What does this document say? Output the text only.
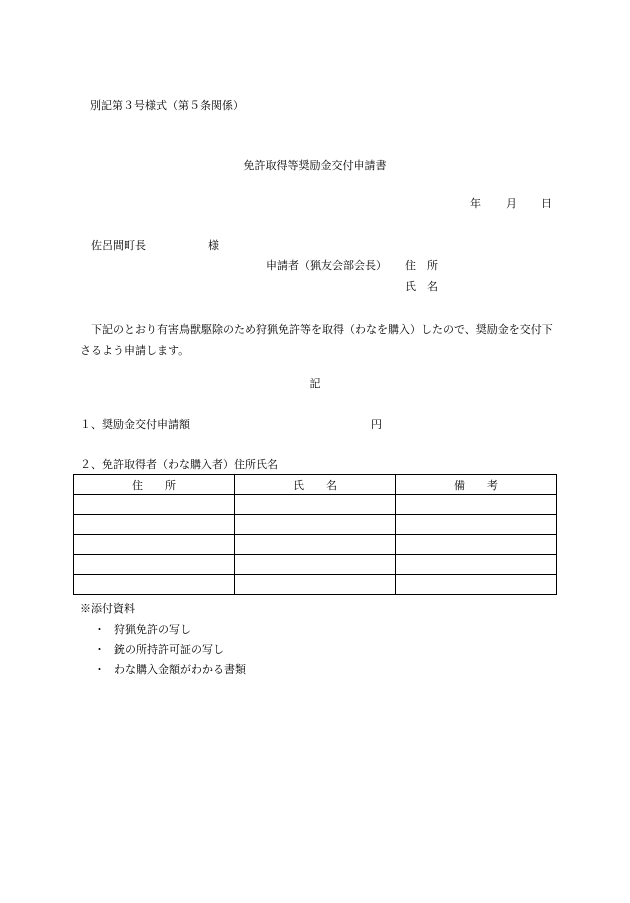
別記第３号様式（第５条関係）
免許取得等奨励金交付申請書
年 月 日
佐呂間町長	様
申請者（猟友会部会長） 住　所
氏　名
下記のとおり有害鳥獣駆除のため狩猟免許等を取得（わなを購入）したので、奨励金を交付下さるよう申請します。
記
１、奨励金交付申請額	円
２、免許取得者（わな購入者）住所氏名
住　　所	氏　　名	備　　考

※添付資料
・ 狩猟免許の写し
・ 銃の所持許可証の写し
・ わな購入金額がわかる書類
